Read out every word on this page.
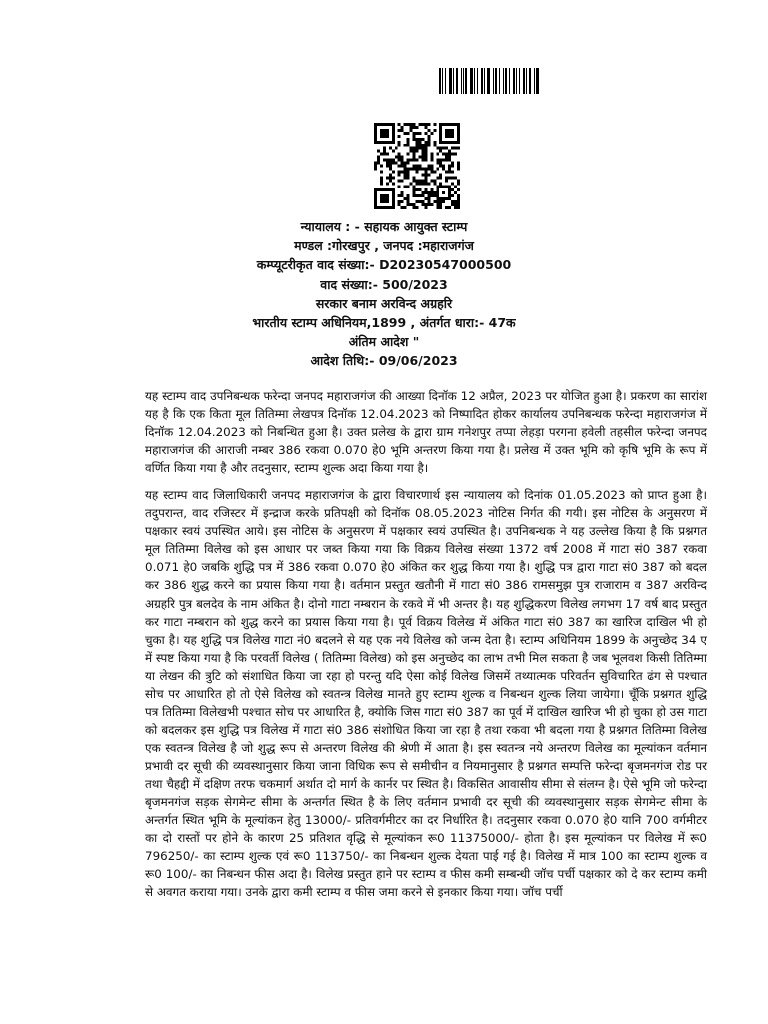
न्यायालय : - सहायक आयुक्त स्टाम्प
मण्डल :गोरखपुर , जनपद :महाराजगंज
कम्प्यूटरीकृत वाद संख्या:- D20230547000500
वाद संख्या:- 500/2023
सरकार बनाम अरविन्द अग्रहरि
भारतीय स्टाम्प अधिनियम,1899 , अंतर्गत धारा:- 47क
अंतिम आदेश "
आदेश तिथि:- 09/06/2023

यह स्टाम्प वाद उपनिबन्धक फरेन्दा जनपद महाराजगंज की आख्या दिनॉक 12 अप्रैल, 2023 पर योजित हुआ है। प्रकरण का सारांश यह है कि एक किता मूल तितिम्मा लेखपत्र दिनॉक 12.04.2023 को निष्पादित होकर कार्यालय उपनिबन्धक फरेन्दा महाराजगंज में दिनॉक 12.04.2023 को निबन्धित हुआ है। उक्त प्रलेख के द्वारा ग्राम गनेशपुर तप्पा लेहड़ा परगना हवेली तहसील फरेन्दा जनपद महाराजगंज की आराजी नम्बर 386 रकवा 0.070 हे0 भूमि अन्तरण किया गया है। प्रलेख में उक्त भूमि को कृषि भूमि के रूप में वर्णित किया गया है और तदनुसार, स्टाम्प शुल्क अदा किया गया है।

यह स्टाम्प वाद जिलाधिकारी जनपद महाराजगंज के द्वारा विचारणार्थ इस न्यायालय को दिनांक 01.05.2023 को प्राप्त हुआ है। तदुपरान्त, वाद रजिस्टर में इन्द्राज करके प्रतिपक्षी को दिनॉक 08.05.2023 नोटिस निर्गत की गयी। इस नोटिस के अनुसरण में पक्षकार स्वयं उपस्थित आये। इस नोटिस के अनुसरण में पक्षकार स्वयं उपस्थित है। उपनिबन्धक ने यह उल्लेख किया है कि प्रश्नगत मूल तितिम्मा विलेख को इस आधार पर जब्त किया गया कि विक्रय विलेख संख्या 1372 वर्ष 2008 में गाटा सं0 387 रकवा 0.071 हे0 जबकि शुद्धि पत्र में 386 रकवा 0.070 हे0 अंकित कर शुद्ध किया गया है। शुद्धि पत्र द्वारा गाटा सं0 387 को बदल कर 386 शुद्ध करने का प्रयास किया गया है। वर्तमान प्रस्तुत खतौनी में गाटा सं0 386 रामसमुझ पुत्र राजाराम व 387 अरविन्द अग्रहरि पुत्र बलदेव के नाम अंकित है। दोनो गाटा नम्बरान के रकवे में भी अन्तर है। यह शुद्धिकरण विलेख लगभग 17 वर्ष बाद प्रस्तुत कर गाटा नम्बरान को शुद्ध करने का प्रयास किया गया है। पूर्व विक्रय विलेख में अंकित गाटा सं0 387 का खारिज दाखिल भी हो चुका है। यह शुद्धि पत्र विलेख गाटा नं0 बदलने से यह एक नये विलेख को जन्म देता है। स्टाम्प अधिनियम 1899 के अनुच्छेद 34 ए में स्पष्ट किया गया है कि परवर्ती विलेख ( तितिम्मा विलेख) को इस अनुच्छेद का लाभ तभी मिल सकता है जब भूलवश किसी तितिम्मा या लेखन की त्रुटि को संशाधित किया जा रहा हो परन्तु यदि ऐसा कोई विलेख जिसमें तथ्यात्मक परिवर्तन सुविचारित ढंग से पश्चात सोच पर आधारित हो तो ऐसे विलेख को स्वतन्त्र विलेख मानते हुए स्टाम्प शुल्क व निबन्धन शुल्क लिया जायेगा। चूँकि प्रश्नगत शुद्धि पत्र तितिम्मा विलेखभी पश्चात सोच पर आधारित है, क्योकि जिस गाटा सं0 387 का पूर्व में दाखिल खारिज भी हो चुका हो उस गाटा को बदलकर इस शुद्धि पत्र विलेख में गाटा सं0 386 संशोधित किया जा रहा है तथा रकवा भी बदला गया है प्रश्नगत तितिम्मा विलेख एक स्वतन्त्र विलेख है जो शुद्ध रूप से अन्तरण विलेख की श्रेणी में आता है। इस स्वतन्त्र नये अन्तरण विलेख का मूल्यांकन वर्तमान प्रभावी दर सूची की व्यवस्थानुसार किया जाना विधिक रूप से समीचीन व नियमानुसार है प्रश्नगत सम्पत्ति फरेन्दा बृजमनगंज रोड पर तथा चैहद्दी में दक्षिण तरफ चकमार्ग अर्थात दो मार्ग के कार्नर पर स्थित है। विकसित आवासीय सीमा से संलग्न है। ऐसे भूमि जो फरेन्दा बृजमनगंज सड़क सेगमेन्ट सीमा के अन्तर्गत स्थित है के लिए वर्तमान प्रभावी दर सूची की व्यवस्थानुसार सड़क सेगमेन्ट सीमा के अन्तर्गत स्थित भूमि के मूल्यांकन हेतु 13000/- प्रतिवर्गमीटर का दर निर्धारित है। तदनुसार रकवा 0.070 हे0 यानि 700 वर्गमीटर का दो रास्तों पर होने के कारण 25 प्रतिशत वृद्धि से मूल्यांकन रू0 11375000/- होता है। इस मूल्यांकन पर विलेख में रू0 796250/- का स्टाम्प शुल्क एवं रू0 113750/- का निबन्धन शुल्क देयता पाई गई है। विलेख में मात्र 100 का स्टाम्प शुल्क व रू0 100/- का निबन्धन फीस अदा है। विलेख प्रस्तुत हाने पर स्टाम्प व फीस कमी सम्बन्धी जॉच पर्ची पक्षकार को दे कर स्टाम्प कमी से अवगत कराया गया। उनके द्वारा कमी स्टाम्प व फीस जमा करने से इनकार किया गया। जॉच पर्ची
